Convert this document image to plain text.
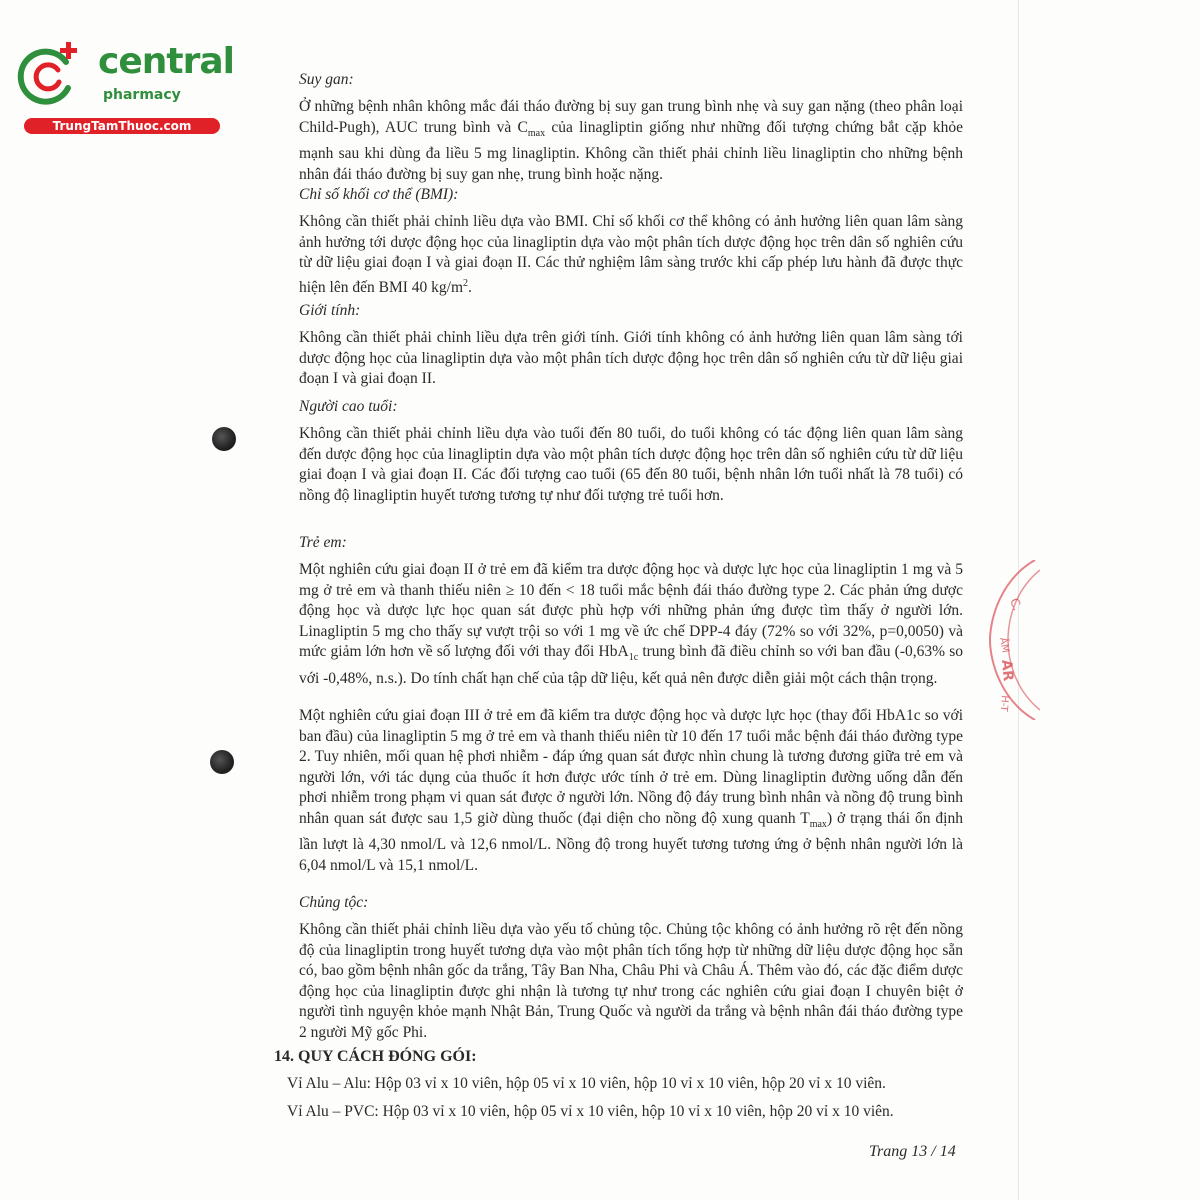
central
pharmacy
TrungTamThuoc.com
C.
ÂM
AR
H-T
Suy gan:
Ở những bệnh nhân không mắc đái tháo đường bị suy gan trung bình nhẹ và suy gan nặng (theo phân loại Child-Pugh), AUC trung bình và $C_{max}$ của linagliptin giống như những đối tượng chứng bắt cặp khỏe mạnh sau khi dùng đa liều 5 mg linagliptin. Không cần thiết phải chỉnh liều linagliptin cho những bệnh nhân đái tháo đường bị suy gan nhẹ, trung bình hoặc nặng.
Chỉ số khối cơ thể (BMI):
Không cần thiết phải chỉnh liều dựa vào BMI. Chỉ số khối cơ thể không có ảnh hưởng liên quan lâm sàng ảnh hưởng tới dược động học của linagliptin dựa vào một phân tích dược động học trên dân số nghiên cứu từ dữ liệu giai đoạn I và giai đoạn II. Các thử nghiệm lâm sàng trước khi cấp phép lưu hành đã được thực hiện lên đến BMI 40 $kg/m^2$.
Giới tính:
Không cần thiết phải chỉnh liều dựa trên giới tính. Giới tính không có ảnh hưởng liên quan lâm sàng tới dược động học của linagliptin dựa vào một phân tích dược động học trên dân số nghiên cứu từ dữ liệu giai đoạn I và giai đoạn II.
Người cao tuổi:
Không cần thiết phải chỉnh liều dựa vào tuổi đến 80 tuổi, do tuổi không có tác động liên quan lâm sàng đến dược động học của linagliptin dựa vào một phân tích dược động học trên dân số nghiên cứu từ dữ liệu giai đoạn I và giai đoạn II. Các đối tượng cao tuổi (65 đến 80 tuổi, bệnh nhân lớn tuổi nhất là 78 tuổi) có nồng độ linagliptin huyết tương tương tự như đối tượng trẻ tuổi hơn.
Trẻ em:
Một nghiên cứu giai đoạn II ở trẻ em đã kiểm tra dược động học và dược lực học của linagliptin 1 mg và 5 mg ở trẻ em và thanh thiếu niên ≥ 10 đến < 18 tuổi mắc bệnh đái tháo đường type 2. Các phản ứng dược động học và dược lực học quan sát được phù hợp với những phản ứng được tìm thấy ở người lớn. Linagliptin 5 mg cho thấy sự vượt trội so với 1 mg về ức chế DPP-4 đáy (72% so với 32%, p=0,0050) và mức giảm lớn hơn về số lượng đối với thay đổi HbA$_{1c}$ trung bình đã điều chỉnh so với ban đầu (-0,63% so với -0,48%, n.s.). Do tính chất hạn chế của tập dữ liệu, kết quả nên được diễn giải một cách thận trọng.
Một nghiên cứu giai đoạn III ở trẻ em đã kiểm tra dược động học và dược lực học (thay đổi HbA1c so với ban đầu) của linagliptin 5 mg ở trẻ em và thanh thiếu niên từ 10 đến 17 tuổi mắc bệnh đái tháo đường type 2. Tuy nhiên, mối quan hệ phơi nhiễm - đáp ứng quan sát được nhìn chung là tương đương giữa trẻ em và người lớn, với tác dụng của thuốc ít hơn được ước tính ở trẻ em. Dùng linagliptin đường uống dẫn đến phơi nhiễm trong phạm vi quan sát được ở người lớn. Nồng độ đáy trung bình nhân và nồng độ trung bình nhân quan sát được sau 1,5 giờ dùng thuốc (đại diện cho nồng độ xung quanh $T_{max}$) ở trạng thái ổn định lần lượt là 4,30 nmol/L và 12,6 nmol/L. Nồng độ trong huyết tương tương ứng ở bệnh nhân người lớn là 6,04 nmol/L và 15,1 nmol/L.
Chủng tộc:
Không cần thiết phải chỉnh liều dựa vào yếu tố chủng tộc. Chủng tộc không có ảnh hưởng rõ rệt đến nồng độ của linagliptin trong huyết tương dựa vào một phân tích tổng hợp từ những dữ liệu dược động học sẵn có, bao gồm bệnh nhân gốc da trắng, Tây Ban Nha, Châu Phi và Châu Á. Thêm vào đó, các đặc điểm dược động học của linagliptin được ghi nhận là tương tự như trong các nghiên cứu giai đoạn I chuyên biệt ở người tình nguyện khỏe mạnh Nhật Bản, Trung Quốc và người da trắng và bệnh nhân đái tháo đường type 2 người Mỹ gốc Phi.
14. QUY CÁCH ĐÓNG GÓI:
Vỉ Alu – Alu: Hộp 03 vỉ x 10 viên, hộp 05 vỉ x 10 viên, hộp 10 vỉ x 10 viên, hộp 20 vỉ x 10 viên.
Vỉ Alu – PVC: Hộp 03 vỉ x 10 viên, hộp 05 vỉ x 10 viên, hộp 10 vỉ x 10 viên, hộp 20 vỉ x 10 viên.
Trang 13 / 14
